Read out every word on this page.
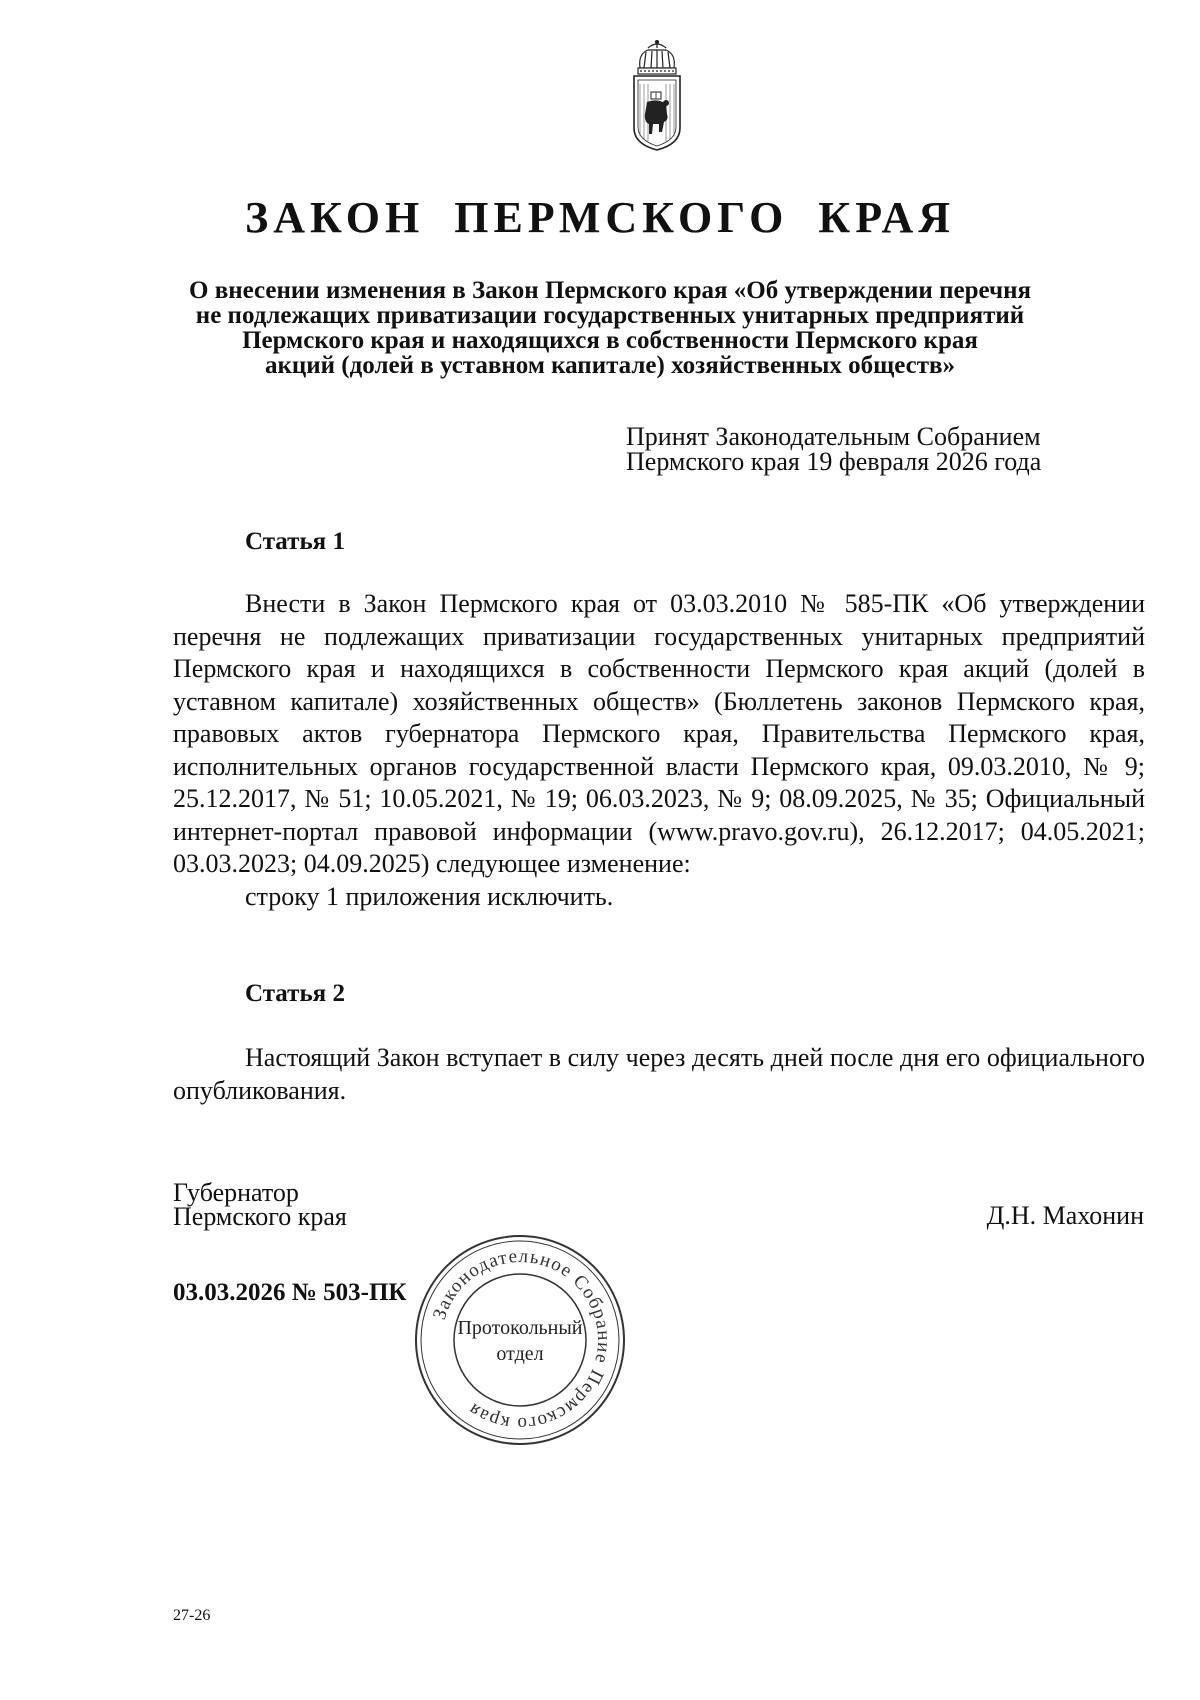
ЗАКОН ПЕРМСКОГО КРАЯ
О внесении изменения в Закон Пермского края «Об утверждении перечня
не подлежащих приватизации государственных унитарных предприятий
Пермского края и находящихся в собственности Пермского края
акций (долей в уставном капитале) хозяйственных обществ»
Принят Законодательным Собранием
Пермского края 19 февраля 2026 года
Статья 1

Внести в Закон Пермского края от 03.03.2010 № 585-ПК «Об утверждении перечня не подлежащих приватизации государственных унитарных предприятий Пермского края и находящихся в собственности Пермского края акций (долей в уставном капитале) хозяйственных обществ» (Бюллетень законов Пермского края, правовых актов губернатора Пермского края, Правительства Пермского края, исполнительных органов государственной власти Пермского края, 09.03.2010, № 9; 25.12.2017, № 51; 10.05.2021, № 19; 06.03.2023, № 9; 08.09.2025, № 35; Официальный интернет-портал правовой информации (www.pravo.gov.ru), 26.12.2017; 04.05.2021; 03.03.2023; 04.09.2025) следующее изменение:

строку 1 приложения исключить.

Статья 2

Настоящий Закон вступает в силу через десять дней после дня его официального опубликования.

Губернатор
Пермского края	Д.Н. Махонин
03.03.2026 № 503-ПК
Законодательное Собрание Пермского края
Протокольный
отдел
27-26
